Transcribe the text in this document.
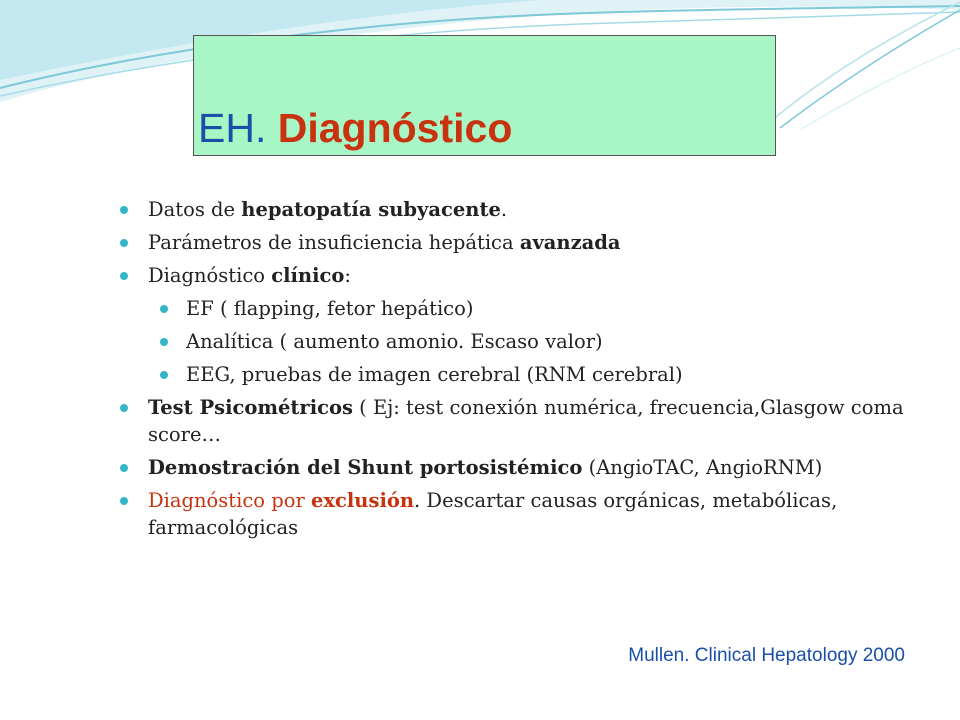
EH. Diagnóstico
Datos de hepatopatía subyacente.
Parámetros de insuficiencia hepática avanzada
Diagnóstico clínico:
EF ( flapping, fetor hepático)
Analítica ( aumento amonio. Escaso valor)
EEG, pruebas de imagen cerebral (RNM cerebral)
Test Psicométricos ( Ej: test conexión numérica, frecuencia,Glasgow coma score…
Demostración del Shunt portosistémico (AngioTAC, AngioRNM)
Diagnóstico por exclusión. Descartar causas orgánicas, metabólicas, farmacológicas
Mullen. Clinical Hepatology 2000
